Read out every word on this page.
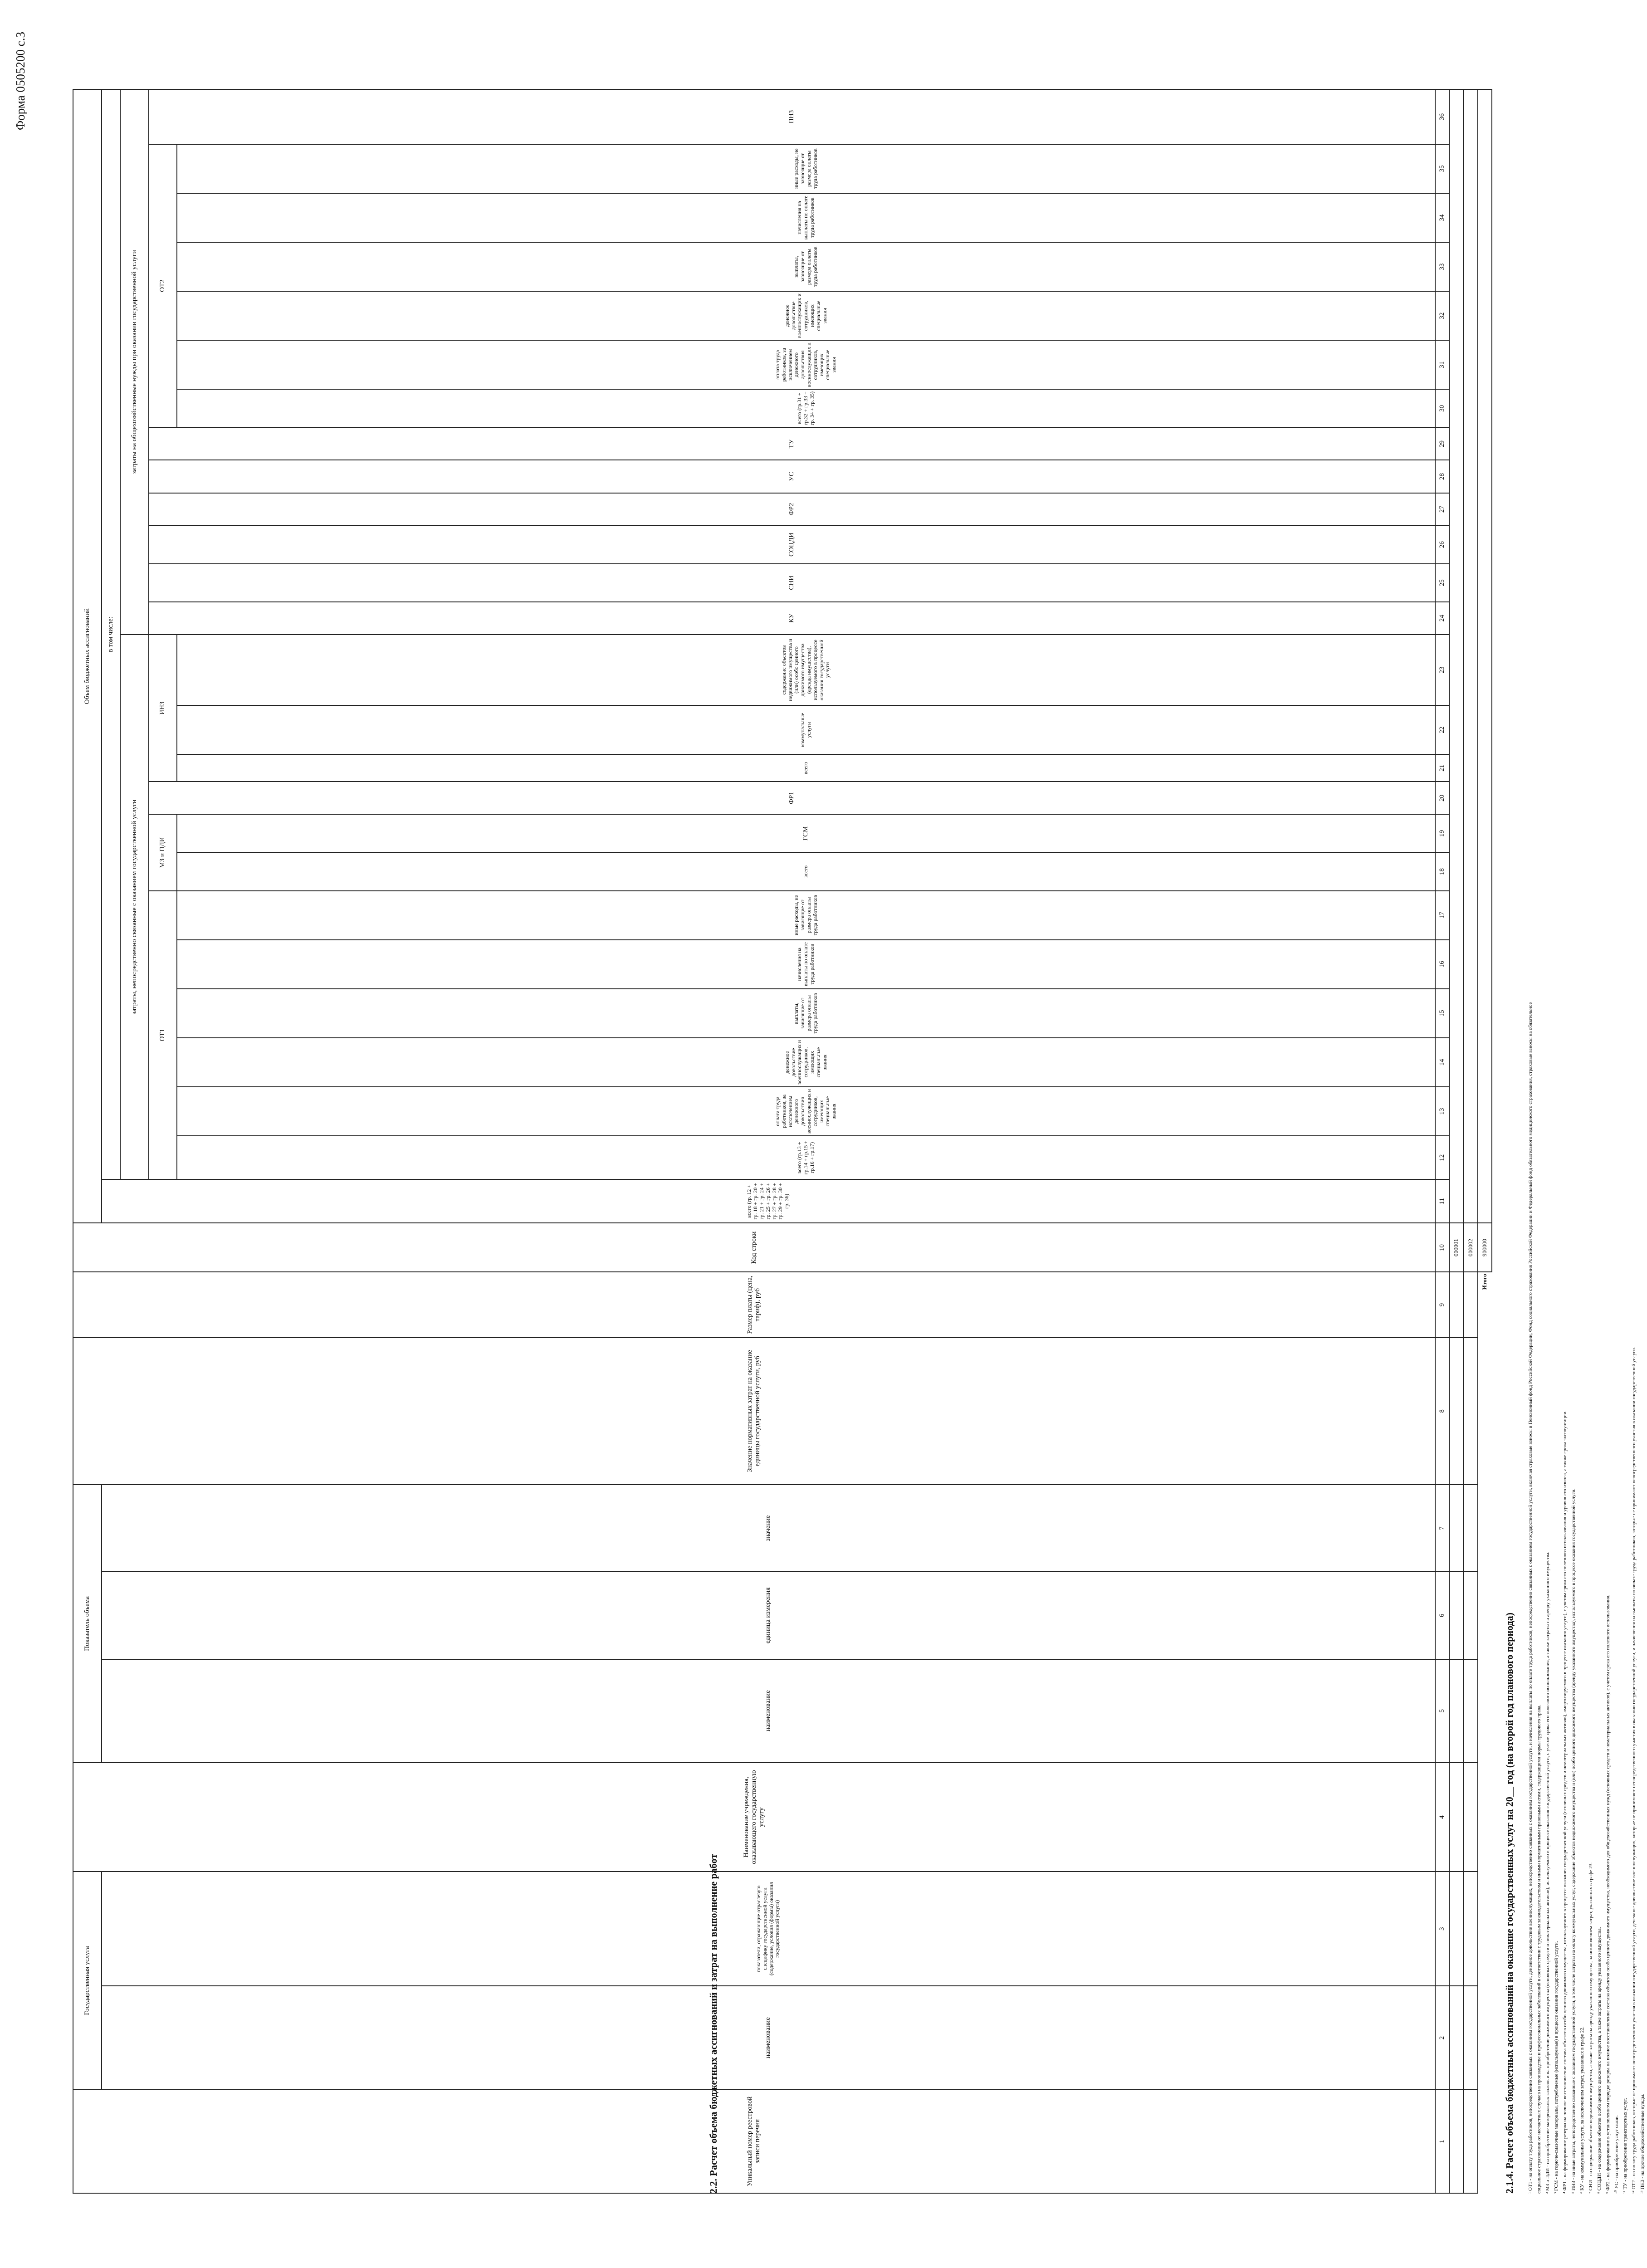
Форма 0505200 с.3
2.1.4. Расчет объема бюджетных ассигнований на оказание государственных услуг на 20__ год (на второй год планового периода)
Уникальный номер реестровой записи перечня	Государственная услуга		Наименование учреждения, оказывающего государственную услугу	Показатель объема			Значение нормативных затрат на оказание единицы государственной услуги, руб	Размер платы (цена, тариф), руб	Код строки	Объем бюджетных ассигнований																									
	наименование	показатели, отражающие отраслевую специфику государственной услуги (содержание, условия (формы) оказания государственной услуги)		наименование	единица измерения	значение				всего (гр. 12 + гр. 18 + гр. 20 + гр. 21 + гр. 24 + гр. 25 + гр. 26 + гр. 27 + гр. 28 + гр. 29 + гр. 30 + гр. 36)	в том числе:																								
											затраты, непосредственно связанные с оказанием государственной услуги												затраты на общехозяйственные нужды при оказании государственной услуги												
											ОТ1						МЗ и ПДИ		ФР1	ИНЗ			КУ	СНИ	СОЦДИ	ФР2	УС	ТУ	ОТ2						ПНЗ
											всего (гр.13 + гр.14 + гр.15 + гр.16 + гр.17)	оплата труда работников, за исключением денежного довольствия военнослужащих и сотрудников, имеющих специальные звания	денежное довольствие военнослужащих и сотрудников, имеющих специальные звания	выплаты, зависящие от размера оплаты труда работников	начисления на выплаты по оплате труда работников	иные расходы, не зависящие от размера оплаты труда работников	всего	ГСМ		всего	коммунальные услуги	содержание объектов недвижимого имущества и (или) особо ценного движимого имущества (аренда имущества), используемого в процессе оказания государственной услуги							всего (гр.31 + гр.32 + гр.33 + гр. 34 + гр. 35)	оплата труда работников, за исключением денежного довольствия военнослужащих и сотрудников, имеющих специальные звания	денежное довольствие военнослужащих и сотрудников, имеющих специальные звания	выплаты, зависящие от размера оплаты труда работников	начисления на выплаты по оплате труда работников	иные расходы, не зависящие от размера оплаты труда работников	
1	2	3	4	5	6	7	8	9	10	11	12	13	14	15	16	17	18	19	20	21	22	23	24	25	26	27	28	29	30	31	32	33	34	35	36
									000001																										
									000002																										
Итого									900000																											¹ ОТ1 - на оплату труда работников, непосредственно связанных с оказанием государственной услуги, денежное довольствие военнослужащих, непосредственно связанных с оказанием государственной услуги, и начисления на выплаты по оплате труда работников, непосредственно связанных с оказанием государственной услуги, включая страховые взносы в Пенсионный фонд Российской Федерации, Фонд социального страхования Российской Федерации и Федеральный фонд обязательного медицинского страхования, страховые взносы на обязательное социальное страхование от несчастных случаев на производстве и профессиональных заболеваний в соответствии с трудовым законодательством и иными нормативными правовыми актами, содержащими нормы трудового права. ² МЗ и ПДИ - на приобретение материальных запасов и на приобретение движимого имущества (основных средств и нематериальных активов), используемого в процессе оказания государственной услуги, с учетом срока его полезного использования, а также затраты на аренду указанного имущества. ³ ГСМ - на горюче-смазочные материалы, потребляемые (используемые) в процессе оказания государственной услуги. ⁴ ФР1 - на формирование резерва на полное восстановление состава объектов особо ценного движимого имущества, используемого в процессе оказания государственной услуги (основных средств и нематериальных активов), амортизируемого в процессе оказания услуги), с учетом срока его полезного использования и уровня его износа, а также срока эксплуатации. ⁵ ИНЗ - на иные затраты, непосредственно связанные с оказанием государственной услуги, в том числе затраты на оплату коммунальных услуг, содержание объектов недвижимого имущества и (или) особо ценного движимого имущества (аренду указанного имущества), используемого в процессе оказания государственной услуги. ⁶ КУ - на коммунальные услуги, за исключением затрат, указанных в графе 22. ⁷ СНИ - на содержание объектов недвижимого имущества, а также затраты на аренду указанного имущества, за исключением затрат, указанных в графе 23. ⁸ СОЦДИ - на содержание объектов особо ценного движимого имущества, а также затраты на аренду указанного имущества. ⁹ ФР2 - на формирование в установленном порядке резерва на полное восстановление состава объектов особо ценного движимого имущества, необходимого для общехозяйственных нужд (основных средств и нематериальных активов), с учетом срока его полезного использования. ¹⁰ УС - на приобретение услуг связи. ¹¹ ТУ - на приобретение транспортных услуг. ¹² ОТ2 - на оплату труда работников, которые не принимают непосредственного участия в оказании государственной услуги, денежное довольствие военнослужащих, которые не принимают непосредственного участия в оказании государственной услуги, и начисления на выплаты по оплате труда работников, которые не принимают непосредственного участия в оказании государственной услуги. ¹³ ПНЗ - на прочие общехозяйственные нужды.
2.2. Расчет объема бюджетных ассигнований и затрат на выполнение работ
